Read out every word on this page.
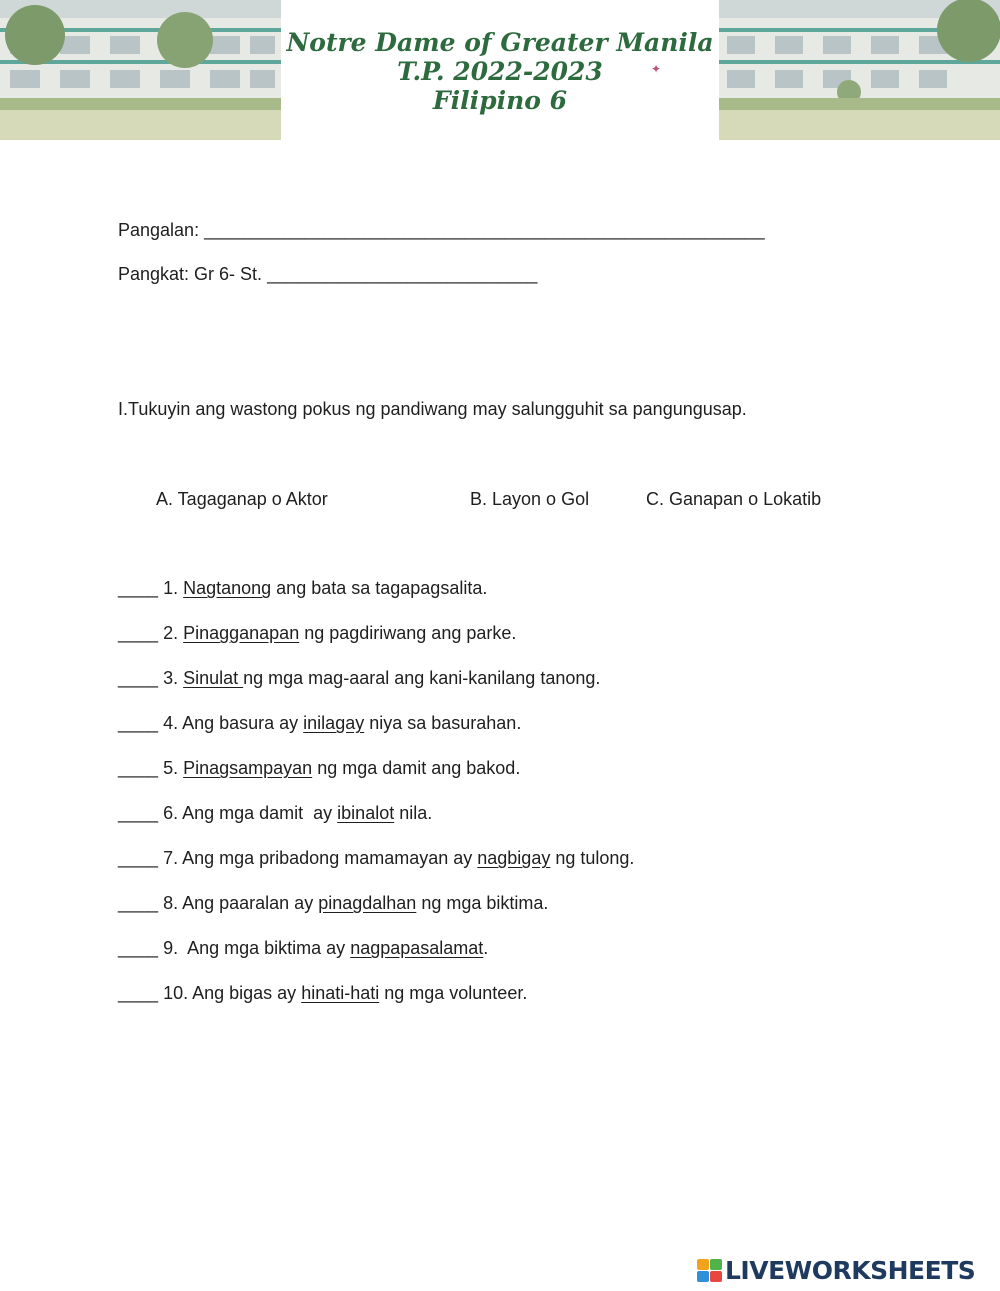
Notre Dame of Greater Manila
T.P. 2022-2023
Filipino 6
✦
Pangalan: ________________________________________________________
Pangkat: Gr 6- St. ___________________________
I.Tukuyin ang wastong pokus ng pandiwang may salungguhit sa pangungusap.
A. Tagaganap o Aktor	B. Layon o Gol	C. Ganapan o Lokatib
____ 1. Nagtanong ang bata sa tagapagsalita.
____ 2. Pinagganapan ng pagdiriwang ang parke.
____ 3. Sinulat ng mga mag-aaral ang kani-kanilang tanong.
____ 4. Ang basura ay inilagay niya sa basurahan.
____ 5. Pinagsampayan ng mga damit ang bakod.
____ 6. Ang mga damit  ay ibinalot nila.
____ 7. Ang mga pribadong mamamayan ay nagbigay ng tulong.
____ 8. Ang paaralan ay pinagdalhan ng mga biktima.
____ 9.  Ang mga biktima ay nagpapasalamat.
____ 10. Ang bigas ay hinati-hati ng mga volunteer.
LIVEWORKSHEETS
